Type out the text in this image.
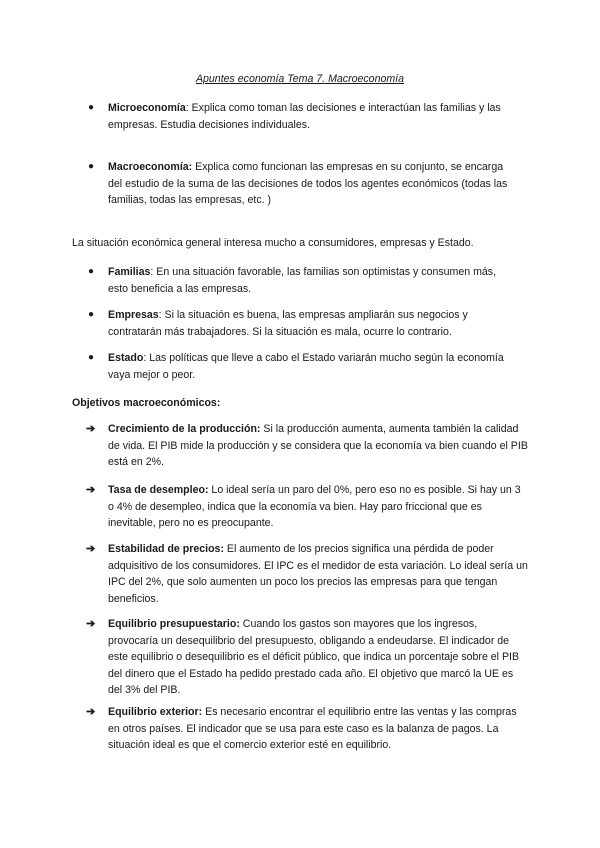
Apuntes economía Tema 7. Macroeconomía
● Microeconomía: Explica como toman las decisiones e interactúan las familias y las empresas. Estudia decisiones individuales.
● Macroeconomía: Explica como funcionan las empresas en su conjunto, se encarga del estudio de la suma de las decisiones de todos los agentes económicos (todas las familias, todas las empresas, etc. )
La situación económica general interesa mucho a consumidores, empresas y Estado.
● Familias: En una situación favorable, las familias son optimistas y consumen más, esto beneficia a las empresas.
● Empresas: Si la situación es buena, las empresas ampliarán sus negocios y contratarán más trabajadores. Si la situación es mala, ocurre lo contrario.
● Estado: Las políticas que lleve a cabo el Estado variarán mucho según la economía vaya mejor o peor.
Objetivos macroeconómicos:
➔ Crecimiento de la producción: Si la producción aumenta, aumenta también la calidad de vida. El PIB mide la producción y se considera que la economía va bien cuando el PIB está en 2%.
➔ Tasa de desempleo: Lo ideal sería un paro del 0%, pero eso no es posible. Si hay un 3 o 4% de desempleo, indica que la economía va bien. Hay paro friccional que es inevitable, pero no es preocupante.
➔ Estabilidad de precios: El aumento de los precios significa una pérdida de poder adquisitivo de los consumidores. El IPC es el medidor de esta variación. Lo ideal sería un IPC del 2%, que solo aumenten un poco los precios las empresas para que tengan beneficios.
➔ Equilibrio presupuestario: Cuando los gastos son mayores que los ingresos, provocaría un desequilibrio del presupuesto, obligando a endeudarse. El indicador de este equilibrio o desequilibrio es el déficit público, que indica un porcentaje sobre el PIB del dinero que el Estado ha pedido prestado cada año. El objetivo que marcó la UE es del 3% del PIB.
➔ Equilibrio exterior: Es necesario encontrar el equilibrio entre las ventas y las compras en otros países. El indicador que se usa para este caso es la balanza de pagos. La situación ideal es que el comercio exterior esté en equilibrio.
